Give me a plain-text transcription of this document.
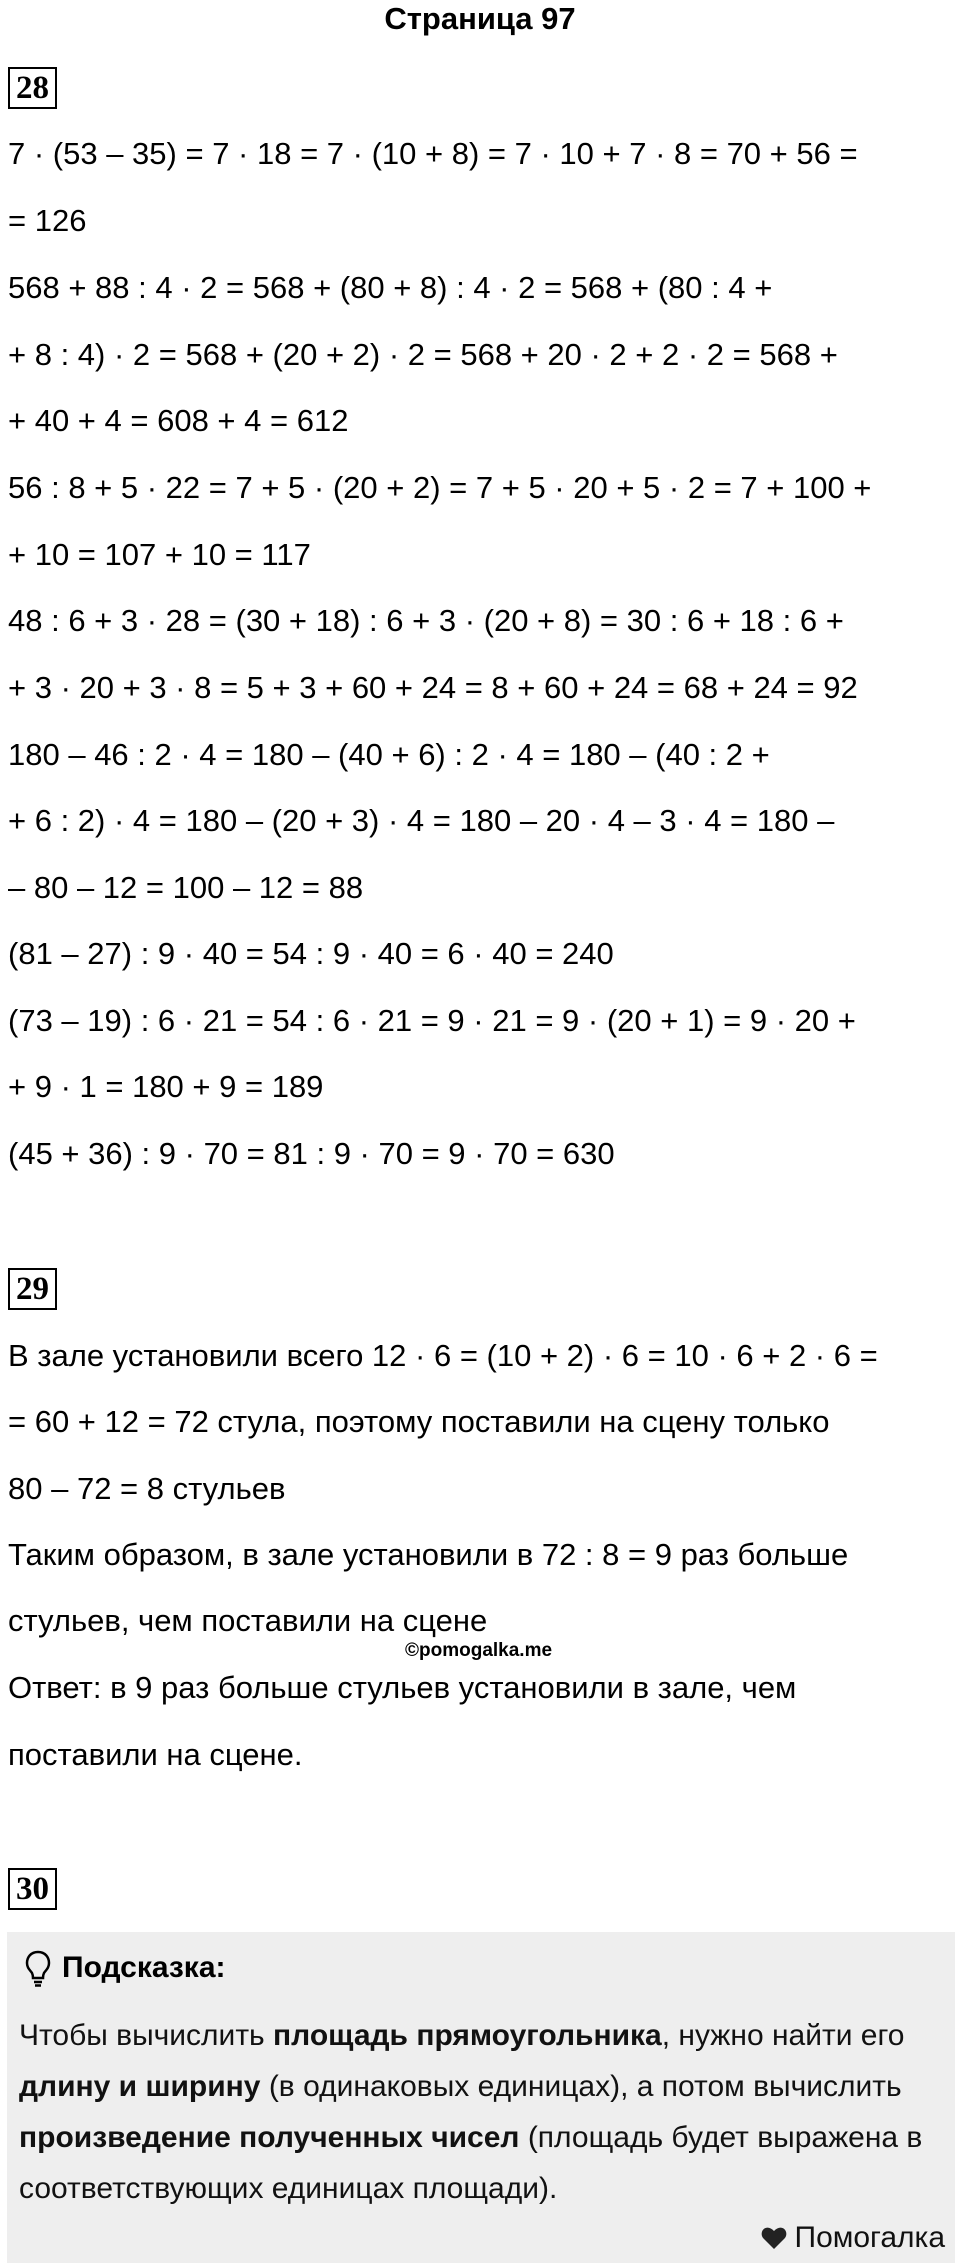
Страница 97
28
7 · (53 – 35) = 7 · 18 = 7 · (10 + 8) = 7 · 10 + 7 · 8 = 70 + 56 =
= 126
568 + 88 : 4 · 2 = 568 + (80 + 8) : 4 · 2 = 568 + (80 : 4 +
+ 8 : 4) · 2 = 568 + (20 + 2) · 2 = 568 + 20 · 2 + 2 · 2 = 568 +
+ 40 + 4 = 608 + 4 = 612
56 : 8 + 5 · 22 = 7 + 5 · (20 + 2) = 7 + 5 · 20 + 5 · 2 = 7 + 100 +
+ 10 = 107 + 10 = 117
48 : 6 + 3 · 28 = (30 + 18) : 6 + 3 · (20 + 8) = 30 : 6 + 18 : 6 +
+ 3 · 20 + 3 · 8 = 5 + 3 + 60 + 24 = 8 + 60 + 24 = 68 + 24 = 92
180 – 46 : 2 · 4 = 180 – (40 + 6) : 2 · 4 = 180 – (40 : 2 +
+ 6 : 2) · 4 = 180 – (20 + 3) · 4 = 180 – 20 · 4 – 3 · 4 = 180 –
– 80 – 12 = 100 – 12 = 88
(81 – 27) : 9 · 40 = 54 : 9 · 40 = 6 · 40 = 240
(73 – 19) : 6 · 21 = 54 : 6 · 21 = 9 · 21 = 9 · (20 + 1) = 9 · 20 +
+ 9 · 1 = 180 + 9 = 189
(45 + 36) : 9 · 70 = 81 : 9 · 70 = 9 · 70 = 630
29
В зале установили всего 12 · 6 = (10 + 2) · 6 = 10 · 6 + 2 · 6 =
= 60 + 12 = 72 стула, поэтому поставили на сцену только
80 – 72 = 8 стульев
Таким образом, в зале установили в 72 : 8 = 9 раз больше
стульев, чем поставили на сцене
Ответ: в 9 раз больше стульев установили в зале, чем
поставили на сцене.
©pomogalka.me
30
Подсказка:
Чтобы вычислить площадь прямоугольника, нужно найти его длину и ширину (в одинаковых единицах), а потом вычислить произведение полученных чисел (площадь будет выражена в соответствующих единицах площади).
Помогалка
